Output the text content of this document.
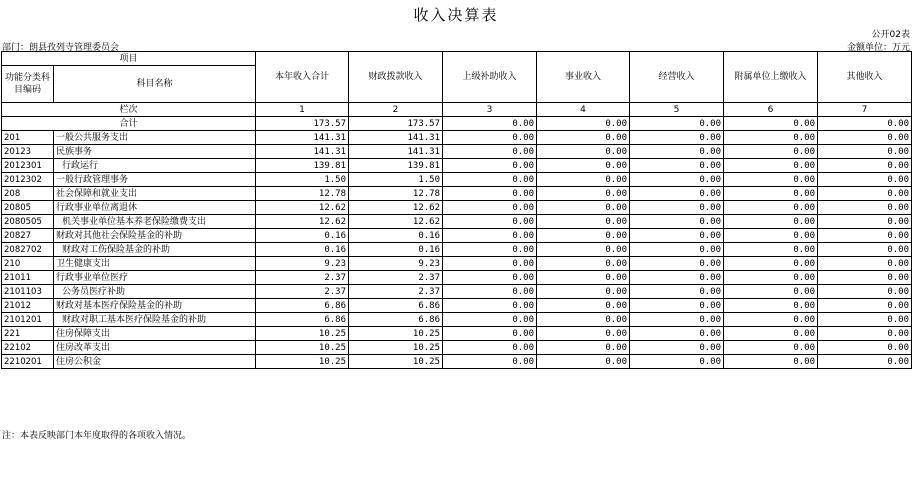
收入决算表
公开02表
部门：朗县孜列寺管理委员会	金额单位：万元
项目		本年收入合计	财政拨款收入	上级补助收入	事业收入	经营收入	附属单位上缴收入	其他收入
功能分类科目编码	科目名称							
栏次		1	2	3	4	5	6	7
合计		173.57	173.57	0.00	0.00	0.00	0.00	0.00
201	一般公共服务支出	141.31	141.31	0.00	0.00	0.00	0.00	0.00
20123	民族事务	141.31	141.31	0.00	0.00	0.00	0.00	0.00
2012301	行政运行	139.81	139.81	0.00	0.00	0.00	0.00	0.00
2012302	一般行政管理事务	1.50	1.50	0.00	0.00	0.00	0.00	0.00
208	社会保障和就业支出	12.78	12.78	0.00	0.00	0.00	0.00	0.00
20805	行政事业单位离退休	12.62	12.62	0.00	0.00	0.00	0.00	0.00
2080505	机关事业单位基本养老保险缴费支出	12.62	12.62	0.00	0.00	0.00	0.00	0.00
20827	财政对其他社会保险基金的补助	0.16	0.16	0.00	0.00	0.00	0.00	0.00
2082702	财政对工伤保险基金的补助	0.16	0.16	0.00	0.00	0.00	0.00	0.00
210	卫生健康支出	9.23	9.23	0.00	0.00	0.00	0.00	0.00
21011	行政事业单位医疗	2.37	2.37	0.00	0.00	0.00	0.00	0.00
2101103	公务员医疗补助	2.37	2.37	0.00	0.00	0.00	0.00	0.00
21012	财政对基本医疗保险基金的补助	6.86	6.86	0.00	0.00	0.00	0.00	0.00
2101201	财政对职工基本医疗保险基金的补助	6.86	6.86	0.00	0.00	0.00	0.00	0.00
221	住房保障支出	10.25	10.25	0.00	0.00	0.00	0.00	0.00
22102	住房改革支出	10.25	10.25	0.00	0.00	0.00	0.00	0.00
2210201	住房公积金	10.25	10.25	0.00	0.00	0.00	0.00	0.00
注：本表反映部门本年度取得的各项收入情况。
